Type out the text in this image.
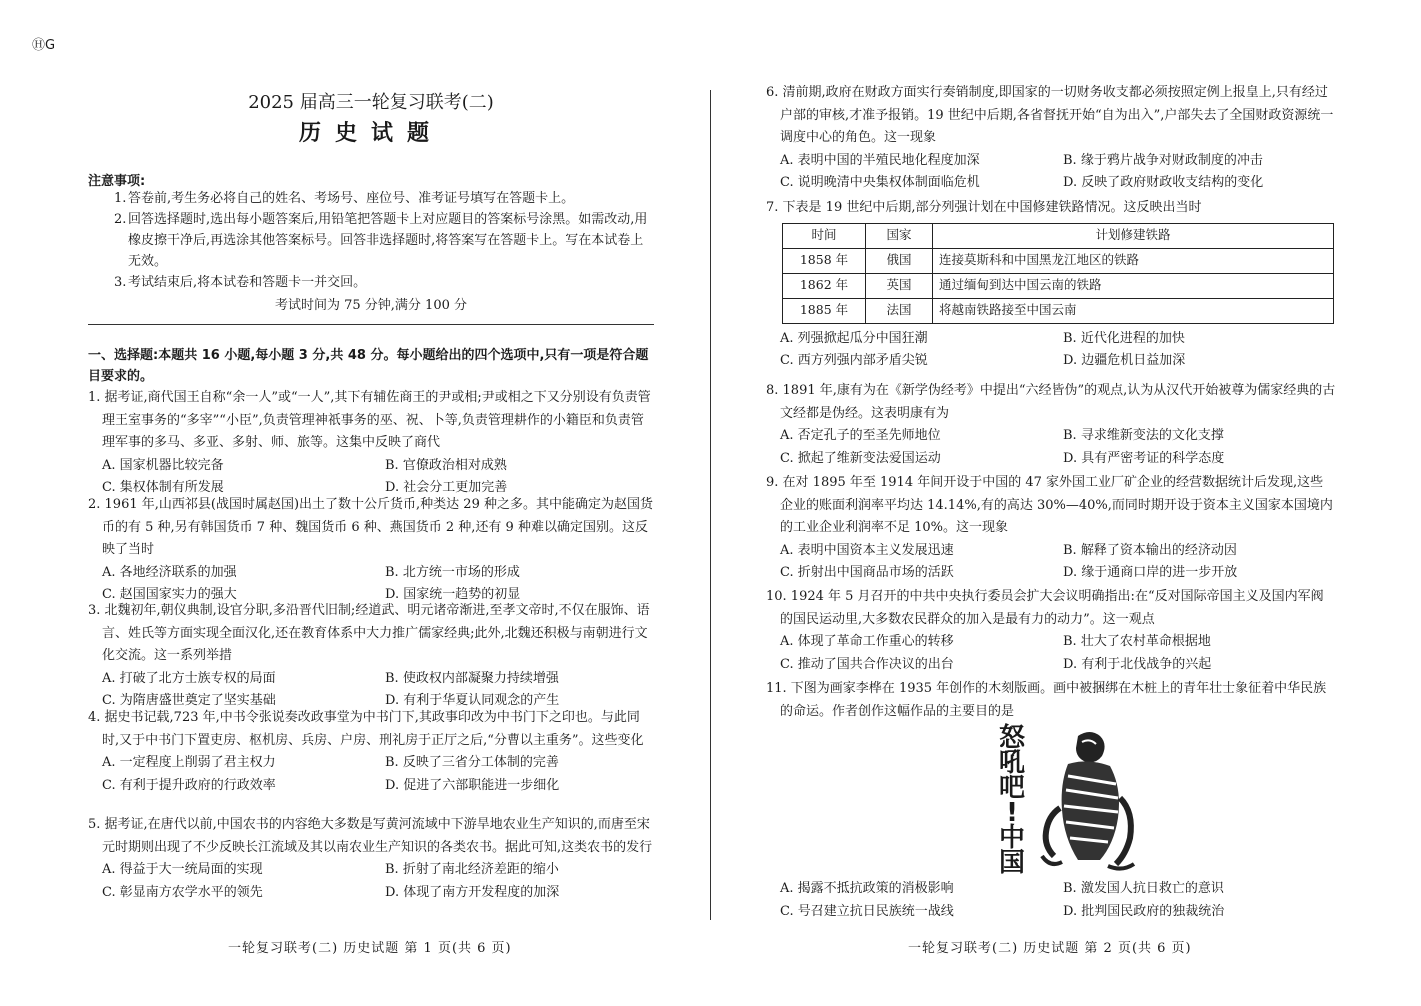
ⒽG
2025 届高三一轮复习联考(二)
历史试题
注意事项:
1. 答卷前,考生务必将自己的姓名、考场号、座位号、准考证号填写在答题卡上。
2. 回答选择题时,选出每小题答案后,用铅笔把答题卡上对应题目的答案标号涂黑。如需改动,用橡皮擦干净后,再选涂其他答案标号。回答非选择题时,将答案写在答题卡上。写在本试卷上无效。
3. 考试结束后,将本试卷和答题卡一并交回。
考试时间为 75 分钟,满分 100 分
一、选择题:本题共 16 小题,每小题 3 分,共 48 分。每小题给出的四个选项中,只有一项是符合题目要求的。
1. 据考证,商代国王自称“余一人”或“一人”,其下有辅佐商王的尹或相;尹或相之下又分别设有负责管理王室事务的“多宰”“小臣”,负责管理神祇事务的巫、祝、卜等,负责管理耕作的小籍臣和负责管理军事的多马、多亚、多射、师、旅等。这集中反映了商代
A. 国家机器比较完备	B. 官僚政治相对成熟
C. 集权体制有所发展	D. 社会分工更加完善
2. 1961 年,山西祁县(战国时属赵国)出土了数十公斤货币,种类达 29 种之多。其中能确定为赵国货币的有 5 种,另有韩国货币 7 种、魏国货币 6 种、燕国货币 2 种,还有 9 种难以确定国别。这反映了当时
A. 各地经济联系的加强	B. 北方统一市场的形成
C. 赵国国家实力的强大	D. 国家统一趋势的初显
3. 北魏初年,朝仪典制,设官分职,多沿晋代旧制;经道武、明元诸帝渐进,至孝文帝时,不仅在服饰、语言、姓氏等方面实现全面汉化,还在教育体系中大力推广儒家经典;此外,北魏还积极与南朝进行文化交流。这一系列举措
A. 打破了北方士族专权的局面	B. 使政权内部凝聚力持续增强
C. 为隋唐盛世奠定了坚实基础	D. 有利于华夏认同观念的产生
4. 据史书记载,723 年,中书令张说奏改政事堂为中书门下,其政事印改为中书门下之印也。与此同时,又于中书门下置吏房、枢机房、兵房、户房、刑礼房于正厅之后,“分曹以主重务”。这些变化
A. 一定程度上削弱了君主权力	B. 反映了三省分工体制的完善
C. 有利于提升政府的行政效率	D. 促进了六部职能进一步细化
5. 据考证,在唐代以前,中国农书的内容绝大多数是写黄河流域中下游旱地农业生产知识的,而唐至宋元时期则出现了不少反映长江流域及其以南农业生产知识的各类农书。据此可知,这类农书的发行
A. 得益于大一统局面的实现	B. 折射了南北经济差距的缩小
C. 彰显南方农学水平的领先	D. 体现了南方开发程度的加深
一轮复习联考(二) 历史试题 第 1 页(共 6 页)
6. 清前期,政府在财政方面实行奏销制度,即国家的一切财务收支都必须按照定例上报皇上,只有经过户部的审核,才准予报销。19 世纪中后期,各省督抚开始“自为出入”,户部失去了全国财政资源统一调度中心的角色。这一现象
A. 表明中国的半殖民地化程度加深	B. 缘于鸦片战争对财政制度的冲击
C. 说明晚清中央集权体制面临危机	D. 反映了政府财政收支结构的变化
7. 下表是 19 世纪中后期,部分列强计划在中国修建铁路情况。这反映出当时
时间	国家	计划修建铁路
1858 年	俄国	连接莫斯科和中国黑龙江地区的铁路
1862 年	英国	通过缅甸到达中国云南的铁路
1885 年	法国	将越南铁路接至中国云南
A. 列强掀起瓜分中国狂潮	B. 近代化进程的加快
C. 西方列强内部矛盾尖锐	D. 边疆危机日益加深
8. 1891 年,康有为在《新学伪经考》中提出“六经皆伪”的观点,认为从汉代开始被尊为儒家经典的古文经都是伪经。这表明康有为
A. 否定孔子的至圣先师地位	B. 寻求维新变法的文化支撑
C. 掀起了维新变法爱国运动	D. 具有严密考证的科学态度
9. 在对 1895 年至 1914 年间开设于中国的 47 家外国工业厂矿企业的经营数据统计后发现,这些企业的账面利润率平均达 14.14%,有的高达 30%—40%,而同时期开设于资本主义国家本国境内的工业企业利润率不足 10%。这一现象
A. 表明中国资本主义发展迅速	B. 解释了资本输出的经济动因
C. 折射出中国商品市场的活跃	D. 缘于通商口岸的进一步开放
10. 1924 年 5 月召开的中共中央执行委员会扩大会议明确指出:在“反对国际帝国主义及国内军阀的国民运动里,大多数农民群众的加入是最有力的动力”。这一观点
A. 体现了革命工作重心的转移	B. 壮大了农村革命根据地
C. 推动了国共合作决议的出台	D. 有利于北伐战争的兴起
11. 下图为画家李桦在 1935 年创作的木刻版画。画中被捆绑在木桩上的青年壮士象征着中华民族的命运。作者创作这幅作品的主要目的是
怒
吼
吧
!
中
国
A. 揭露不抵抗政策的消极影响	B. 激发国人抗日救亡的意识
C. 号召建立抗日民族统一战线	D. 批判国民政府的独裁统治
一轮复习联考(二) 历史试题 第 2 页(共 6 页)
